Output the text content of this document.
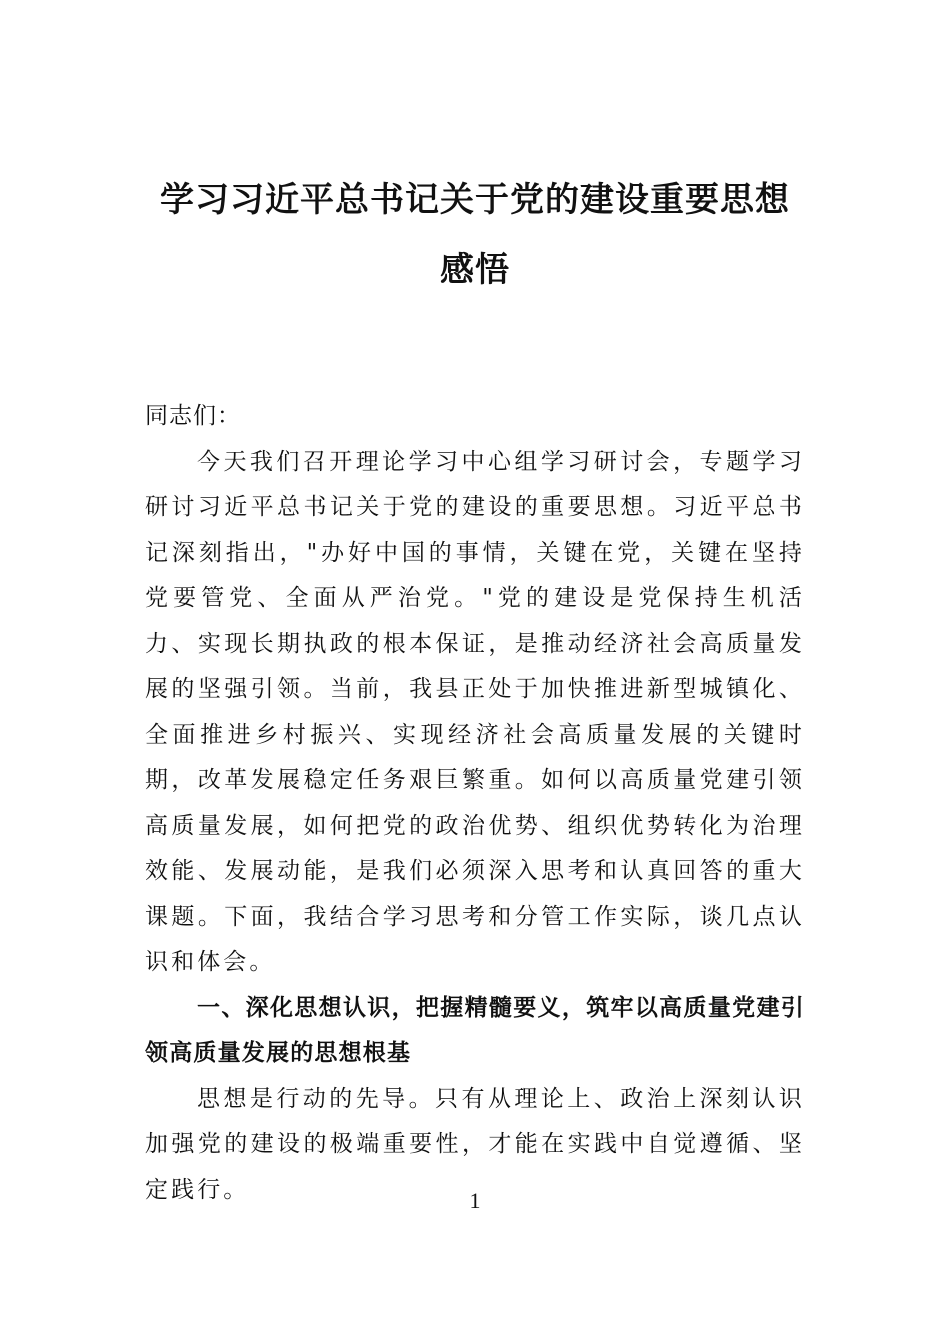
学习习近平总书记关于党的建设重要思想感悟

同志们：

今天我们召开理论学习中心组学习研讨会，专题学习研讨习近平总书记关于党的建设的重要思想。习近平总书记深刻指出，"办好中国的事情，关键在党，关键在坚持党要管党、全面从严治党。"党的建设是党保持生机活力、实现长期执政的根本保证，是推动经济社会高质量发展的坚强引领。当前，我县正处于加快推进新型城镇化、全面推进乡村振兴、实现经济社会高质量发展的关键时期，改革发展稳定任务艰巨繁重。如何以高质量党建引领高质量发展，如何把党的政治优势、组织优势转化为治理效能、发展动能，是我们必须深入思考和认真回答的重大课题。下面，我结合学习思考和分管工作实际，谈几点认识和体会。

一、深化思想认识，把握精髓要义，筑牢以高质量党建引领高质量发展的思想根基

思想是行动的先导。只有从理论上、政治上深刻认识加强党的建设的极端重要性，才能在实践中自觉遵循、坚定践行。	1
